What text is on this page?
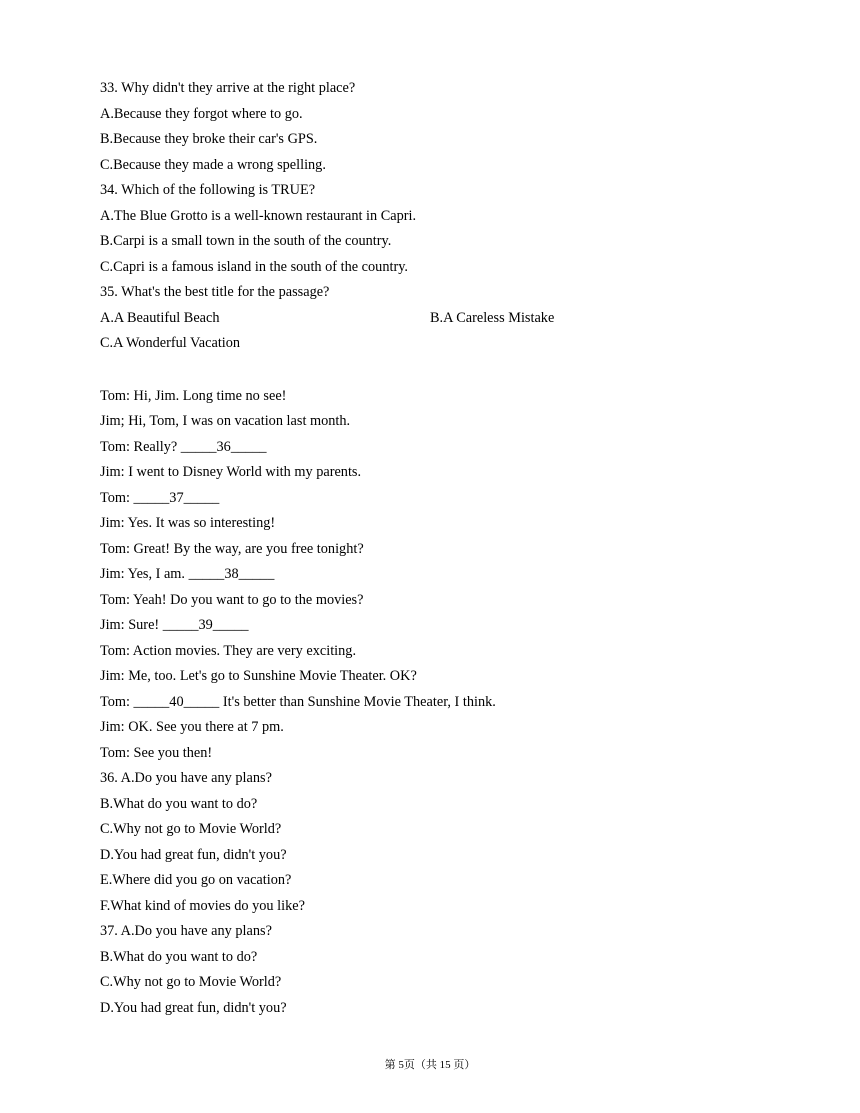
33. Why didn't they arrive at the right place?
A.Because they forgot where to go.
B.Because they broke their car's GPS.
C.Because they made a wrong spelling.
34. Which of the following is TRUE?
A.The Blue Grotto is a well-known restaurant in Capri.
B.Carpi is a small town in the south of the country.
C.Capri is a famous island in the south of the country.
35. What's the best title for the passage?
A.A Beautiful Beach	B.A Careless Mistake
C.A Wonderful Vacation
Tom: Hi, Jim. Long time no see!
Jim; Hi, Tom, I was on vacation last month.
Tom: Really? _____36_____
Jim: I went to Disney World with my parents.
Tom: _____37_____
Jim: Yes. It was so interesting!
Tom: Great! By the way, are you free tonight?
Jim: Yes, I am. _____38_____
Tom: Yeah! Do you want to go to the movies?
Jim: Sure! _____39_____
Tom: Action movies. They are very exciting.
Jim: Me, too. Let's go to Sunshine Movie Theater. OK?
Tom: _____40_____ It's better than Sunshine Movie Theater, I think.
Jim: OK. See you there at 7 pm.
Tom: See you then!
36. A.Do you have any plans?
B.What do you want to do?
C.Why not go to Movie World?
D.You had great fun, didn't you?
E.Where did you go on vacation?
F.What kind of movies do you like?
37. A.Do you have any plans?
B.What do you want to do?
C.Why not go to Movie World?
D.You had great fun, didn't you?
第 5页（共 15 页）
